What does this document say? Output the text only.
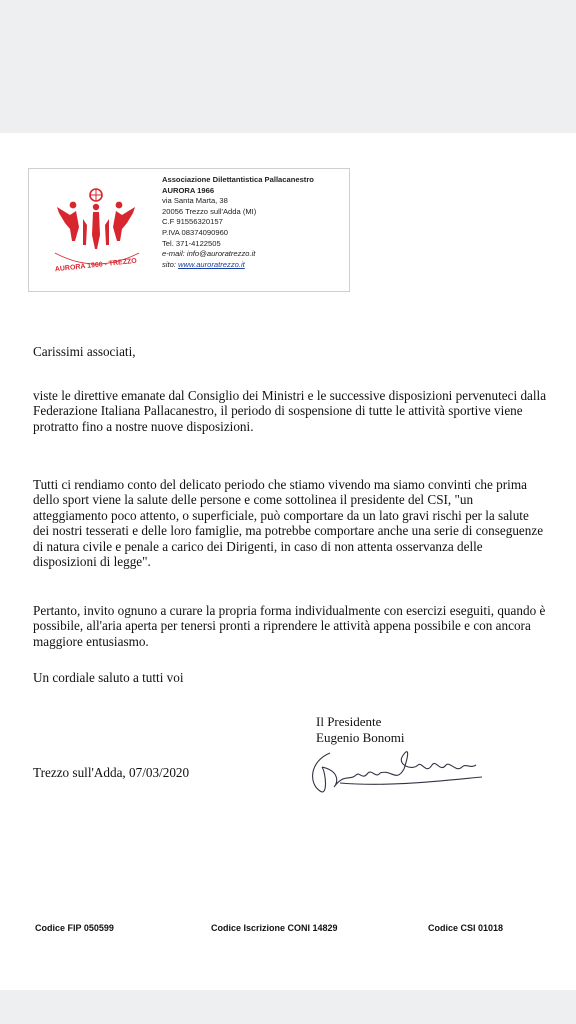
AURORA 1966 - TREZZO
Associazione Dilettantistica Pallacanestro
AURORA 1966
via Santa Marta, 38
20056 Trezzo sull'Adda (MI)
C.F 91556320157
P.IVA 08374090960
Tel. 371-4122505
e-mail: info@auroratrezzo.it
sito: www.auroratrezzo.it
Carissimi associati,
viste le direttive emanate dal Consiglio dei Ministri e le successive disposizioni pervenuteci dalla Federazione Italiana Pallacanestro, il periodo di sospensione di tutte le attività sportive viene protratto fino a nostre nuove disposizioni.
Tutti ci rendiamo conto del delicato periodo che stiamo vivendo ma siamo convinti che prima dello sport viene la salute delle persone e come sottolinea il presidente del CSI, "un atteggiamento poco attento, o superficiale, può comportare da un lato gravi rischi per la salute dei nostri tesserati e delle loro famiglie, ma potrebbe comportare anche una serie di conseguenze di natura civile e penale a carico dei Dirigenti, in caso di non attenta osservanza delle disposizioni di legge".
Pertanto, invito ognuno a curare la propria forma individualmente con esercizi eseguiti, quando è possibile, all'aria aperta per tenersi pronti a riprendere le attività appena possibile e con ancora maggiore entusiasmo.
Un cordiale saluto a tutti voi
Il Presidente
Eugenio Bonomi
Trezzo sull'Adda, 07/03/2020
Codice FIP 050599	Codice Iscrizione CONI 14829	Codice CSI 01018
